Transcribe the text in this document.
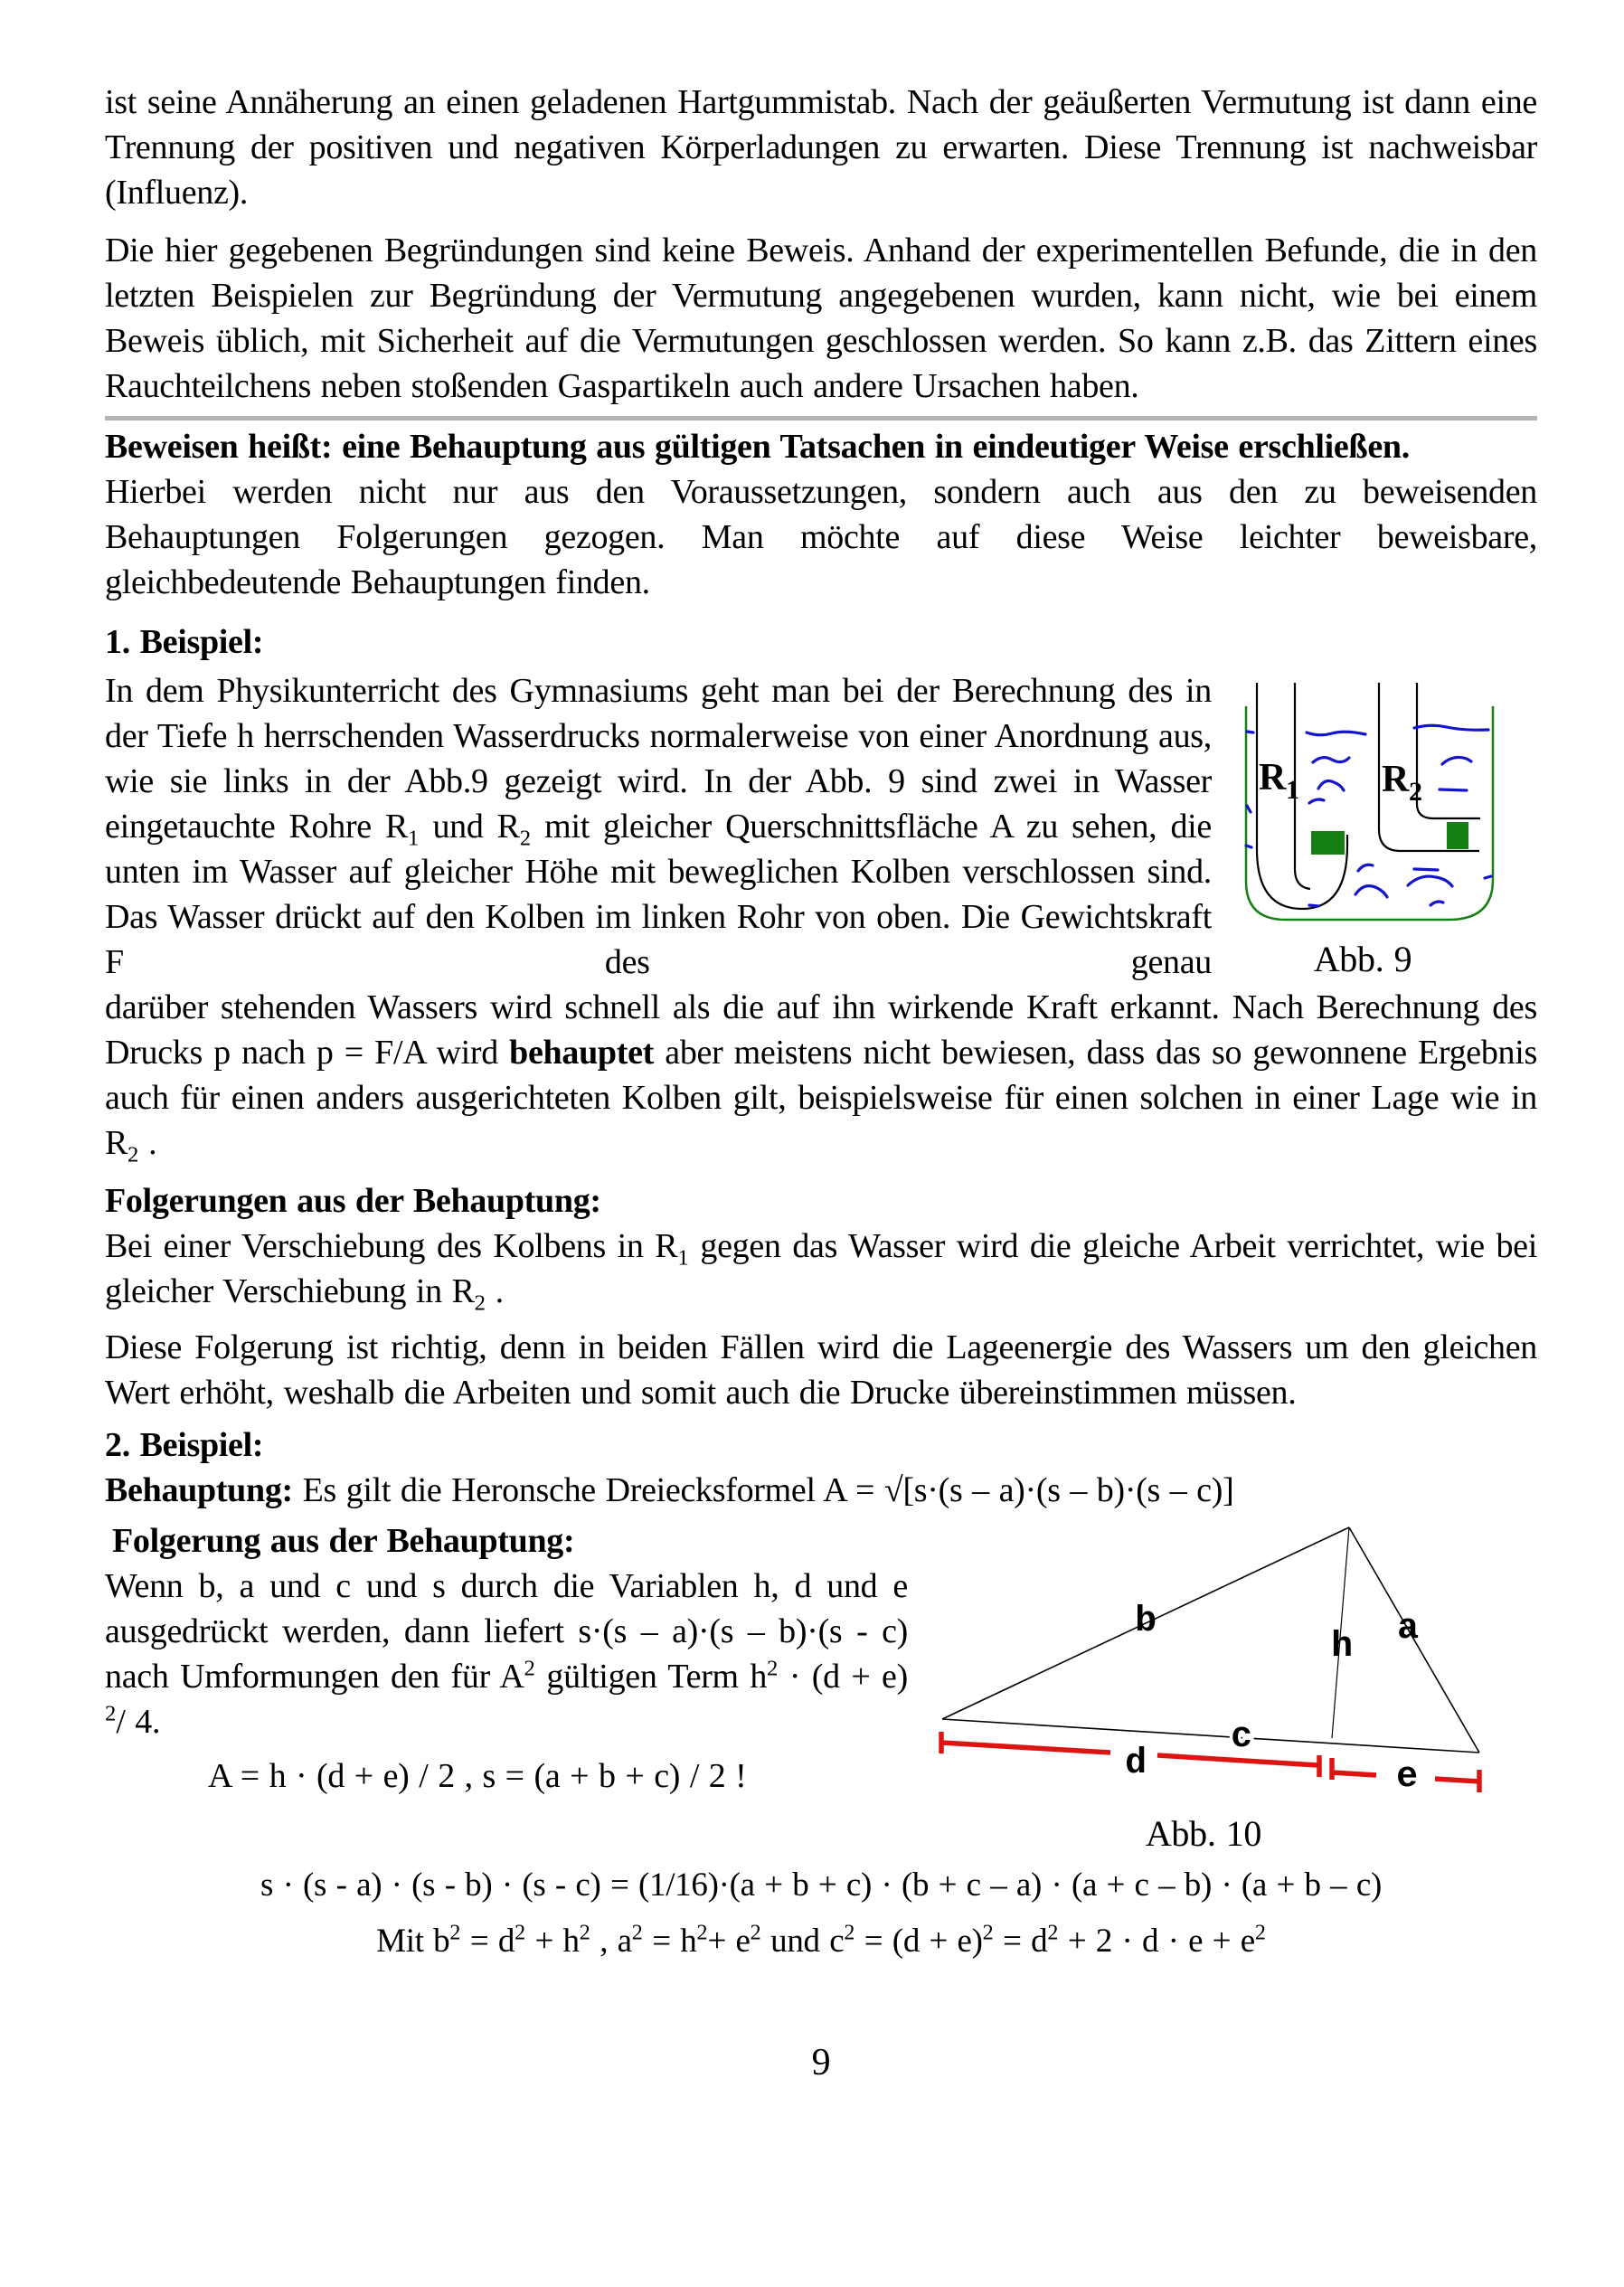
ist seine Annäherung an einen geladenen Hartgummistab. Nach der geäußerten Vermutung ist dann eine Trennung der positiven und negativen Körperladungen zu erwarten. Diese Trennung ist nachweisbar (Influenz).

Die hier gegebenen Begründungen sind keine Beweis. Anhand der experimentellen Befunde, die in den letzten Beispielen zur Begründung der Vermutung angegebenen wurden, kann nicht, wie bei einem Beweis üblich, mit Sicherheit auf die Vermutungen geschlossen werden. So kann z.B. das Zittern eines Rauchteilchens neben stoßenden Gaspartikeln auch andere Ursachen haben.

Beweisen heißt: eine Behauptung aus gültigen Tatsachen in eindeutiger Weise erschließen.

Hierbei werden nicht nur aus den Voraussetzungen, sondern auch aus den zu beweisenden Behauptungen Folgerungen gezogen. Man möchte auf diese Weise leichter beweisbare, gleichbedeutende Behauptungen finden.

1. Beispiel:
$R_1$ $R_2$
Abb. 9

In dem Physikunterricht des Gymnasiums geht man bei der Berechnung des in der Tiefe h herrschenden Wasserdrucks normalerweise von einer Anordnung aus, wie sie links in der Abb.9 gezeigt wird. In der Abb. 9 sind zwei in Wasser eingetauchte Rohre $R_1$ und $R_2$ mit gleicher Querschnittsfläche A zu sehen, die unten im Wasser auf gleicher Höhe mit beweglichen Kolben verschlossen sind. Das Wasser drückt auf den Kolben im linken Rohr von oben. Die Gewichtskraft F des genau

darüber stehenden Wassers wird schnell als die auf ihn wirkende Kraft erkannt. Nach Berechnung des Drucks p nach p = F/A wird behauptet aber meistens nicht bewiesen, dass das so gewonnene Ergebnis auch für einen anders ausgerichteten Kolben gilt, beispielsweise für einen solchen in einer Lage wie in $R_2$ .

Folgerungen aus der Behauptung:

Bei einer Verschiebung des Kolbens in $R_1$ gegen das Wasser wird die gleiche Arbeit verrichtet, wie bei gleicher Verschiebung in $R_2$ .

Diese Folgerung ist richtig, denn in beiden Fällen wird die Lageenergie des Wassers um den gleichen Wert erhöht, weshalb die Arbeiten und somit auch die Drucke übereinstimmen müssen.

2. Beispiel:

Behauptung: Es gilt die Heronsche Dreiecksformel A = √[s·(s – a)·(s – b)·(s – c)]

Folgerung aus der Behauptung:

Wenn b, a und c und s durch die Variablen h, d und e ausgedrückt werden, dann liefert s·(s – a)·(s – b)·(s - c) nach Umformungen den für $A^2$ gültigen Term $h^2 \cdot (d + e)$ $^2$/ 4.

A = h · (d + e) / 2 , s = (a + b + c) / 2 !

b	a
h
c
d	e
Abb. 10

s · (s - a) · (s - b) · (s - c) = (1/16)·(a + b + c) · (b + c – a) · (a + c – b) · (a + b – c)

Mit $b^2 = d^2 + h^2$ , $a^2 = h^2+ e^2$ und $c^2 = (d + e)^2 = d^2 + 2 \cdot d \cdot e + e^2$

9
